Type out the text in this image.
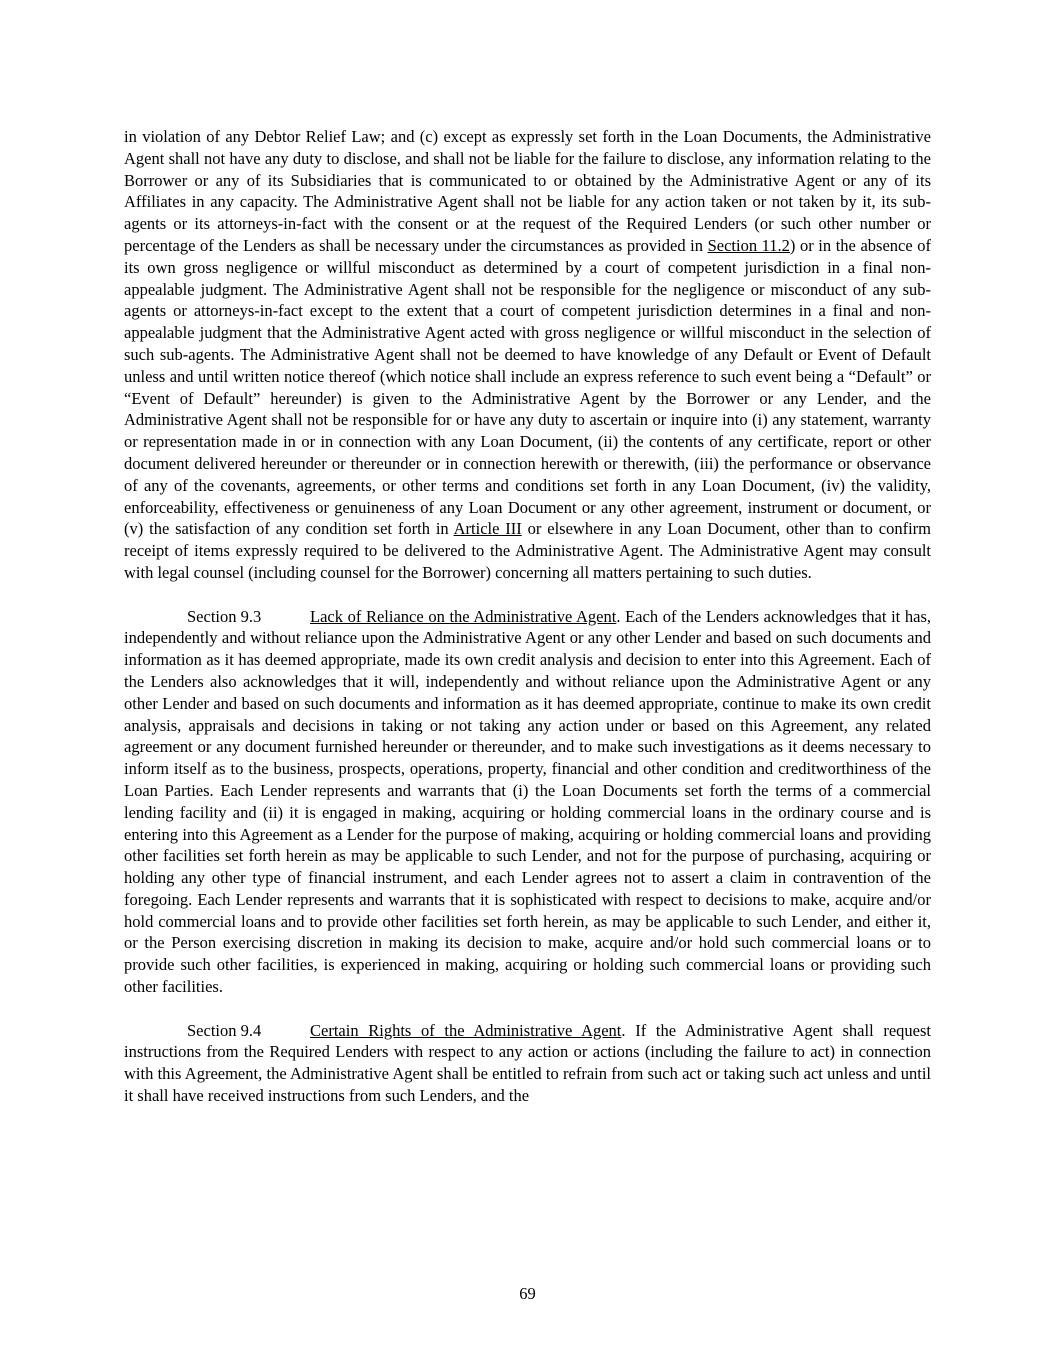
in violation of any Debtor Relief Law; and (c) except as expressly set forth in the Loan Documents, the Administrative Agent shall not have any duty to disclose, and shall not be liable for the failure to disclose, any information relating to the Borrower or any of its Subsidiaries that is communicated to or obtained by the Administrative Agent or any of its Affiliates in any capacity. The Administrative Agent shall not be liable for any action taken or not taken by it, its sub-agents or its attorneys-in-fact with the consent or at the request of the Required Lenders (or such other number or percentage of the Lenders as shall be necessary under the circumstances as provided in Section 11.2) or in the absence of its own gross negligence or willful misconduct as determined by a court of competent jurisdiction in a final non-appealable judgment. The Administrative Agent shall not be responsible for the negligence or misconduct of any sub-agents or attorneys-in-fact except to the extent that a court of competent jurisdiction determines in a final and non-appealable judgment that the Administrative Agent acted with gross negligence or willful misconduct in the selection of such sub-agents. The Administrative Agent shall not be deemed to have knowledge of any Default or Event of Default unless and until written notice thereof (which notice shall include an express reference to such event being a “Default” or “Event of Default” hereunder) is given to the Administrative Agent by the Borrower or any Lender, and the Administrative Agent shall not be responsible for or have any duty to ascertain or inquire into (i) any statement, warranty or representation made in or in connection with any Loan Document, (ii) the contents of any certificate, report or other document delivered hereunder or thereunder or in connection herewith or therewith, (iii) the performance or observance of any of the covenants, agreements, or other terms and conditions set forth in any Loan Document, (iv) the validity, enforceability, effectiveness or genuineness of any Loan Document or any other agreement, instrument or document, or (v) the satisfaction of any condition set forth in Article III or elsewhere in any Loan Document, other than to confirm receipt of items expressly required to be delivered to the Administrative Agent. The Administrative Agent may consult with legal counsel (including counsel for the Borrower) concerning all matters pertaining to such duties.

Section 9.3	Lack of Reliance on the Administrative Agent. Each of the Lenders acknowledges that it has, independently and without reliance upon the Administrative Agent or any other Lender and based on such documents and information as it has deemed appropriate, made its own credit analysis and decision to enter into this Agreement. Each of the Lenders also acknowledges that it will, independently and without reliance upon the Administrative Agent or any other Lender and based on such documents and information as it has deemed appropriate, continue to make its own credit analysis, appraisals and decisions in taking or not taking any action under or based on this Agreement, any related agreement or any document furnished hereunder or thereunder, and to make such investigations as it deems necessary to inform itself as to the business, prospects, operations, property, financial and other condition and creditworthiness of the Loan Parties. Each Lender represents and warrants that (i) the Loan Documents set forth the terms of a commercial lending facility and (ii) it is engaged in making, acquiring or holding commercial loans in the ordinary course and is entering into this Agreement as a Lender for the purpose of making, acquiring or holding commercial loans and providing other facilities set forth herein as may be applicable to such Lender, and not for the purpose of purchasing, acquiring or holding any other type of financial instrument, and each Lender agrees not to assert a claim in contravention of the foregoing. Each Lender represents and warrants that it is sophisticated with respect to decisions to make, acquire and/or hold commercial loans and to provide other facilities set forth herein, as may be applicable to such Lender, and either it, or the Person exercising discretion in making its decision to make, acquire and/or hold such commercial loans or to provide such other facilities, is experienced in making, acquiring or holding such commercial loans or providing such other facilities.

Section 9.4	Certain Rights of the Administrative Agent. If the Administrative Agent shall request instructions from the Required Lenders with respect to any action or actions (including the failure to act) in connection with this Agreement, the Administrative Agent shall be entitled to refrain from such act or taking such act unless and until it shall have received instructions from such Lenders, and the

69
